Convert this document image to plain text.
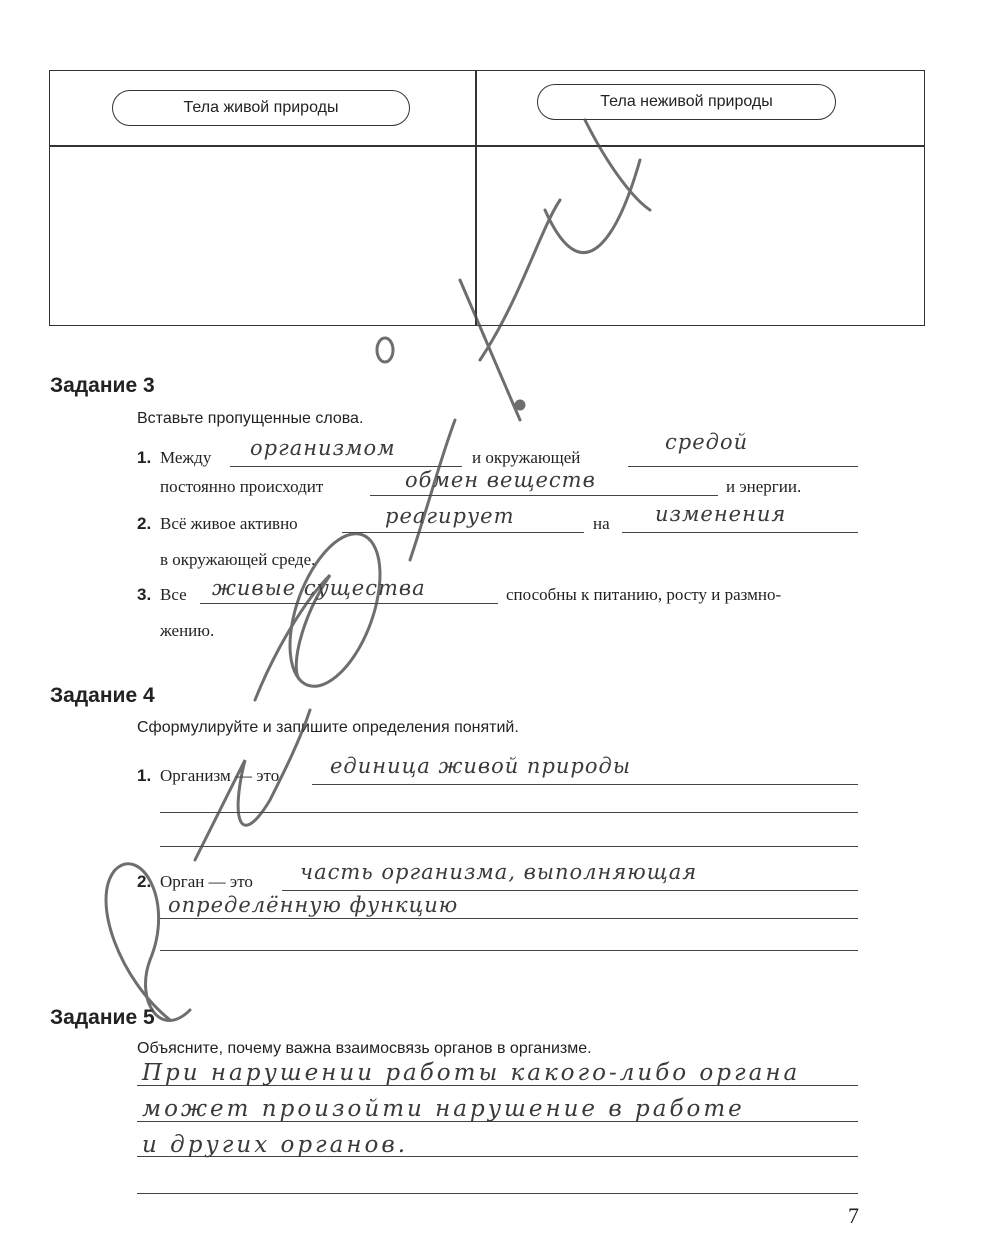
Тела живой природы	Тела неживой природы
Задание 3
Вставьте пропущенные слова.
1. Между организмом	и окружающей
средой
постоянно происходит	обмен веществ	и энергии.
2. Всё живое активно	реагирует	на изменения
в окружающей среде.
3. Все живые существа	способны к питанию, росту и размно-
жению.
Задание 4
Сформулируйте и запишите определения понятий.
1. Организм — это единица живой природы
2. Орган — это часть организма, выполняющая
определённую функцию
Задание 5
Объясните, почему важна взаимосвязь органов в организме.
При нарушении работы какого-либо органа
может произойти нарушение в работе
и других органов.
7
